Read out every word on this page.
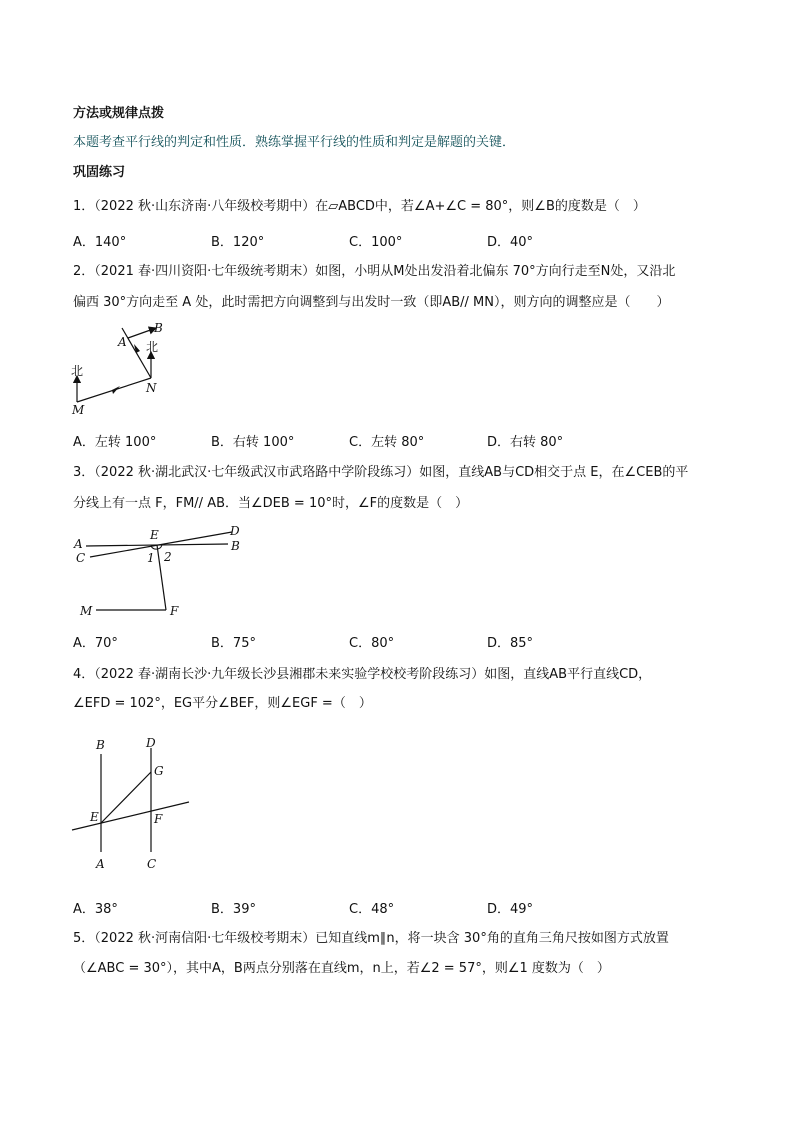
方法或规律点拨
本题考查平行线的判定和性质．熟练掌握平行线的性质和判定是解题的关键．
巩固练习
1．（2022 秋·山东济南·八年级校考期中）在▱ABCD中，若∠A+∠C = 80°，则∠B的度数是（　）
A．140°	B．120°	C．100°	D．40°
2．（2021 春·四川资阳·七年级统考期末）如图，小明从M处出发沿着北偏东 70°方向行走至N处，又沿北
偏西 30°方向走至 A 处，此时需把方向调整到与出发时一致（即AB// MN），则方向的调整应是（　　）
北
北
B
A
N
M
A．左转 100°	B．右转 100°	C．左转 80°	D．右转 80°
3．（2022 秋·湖北武汉·七年级武汉市武珞路中学阶段练习）如图，直线AB与CD相交于点 E，在∠CEB的平
分线上有一点 F，FM// AB．当∠DEB = 10°时，∠F的度数是（　）
A
C
E	D
B
1 2
M	F
A．70°	B．75°	C．80°	D．85°
4．（2022 春·湖南长沙·九年级长沙县湘郡未来实验学校校考阶段练习）如图，直线AB平行直线CD，
∠EFD = 102°，EG平分∠BEF，则∠EGF =（　）
B	D
G
E	F
A	C
A．38°	B．39°	C．48°	D．49°
5．（2022 秋·河南信阳·七年级校考期末）已知直线m∥n，将一块含 30°角的直角三角尺按如图方式放置
（∠ABC = 30°），其中A，B两点分别落在直线m，n上，若∠2 = 57°，则∠1 度数为（　）
